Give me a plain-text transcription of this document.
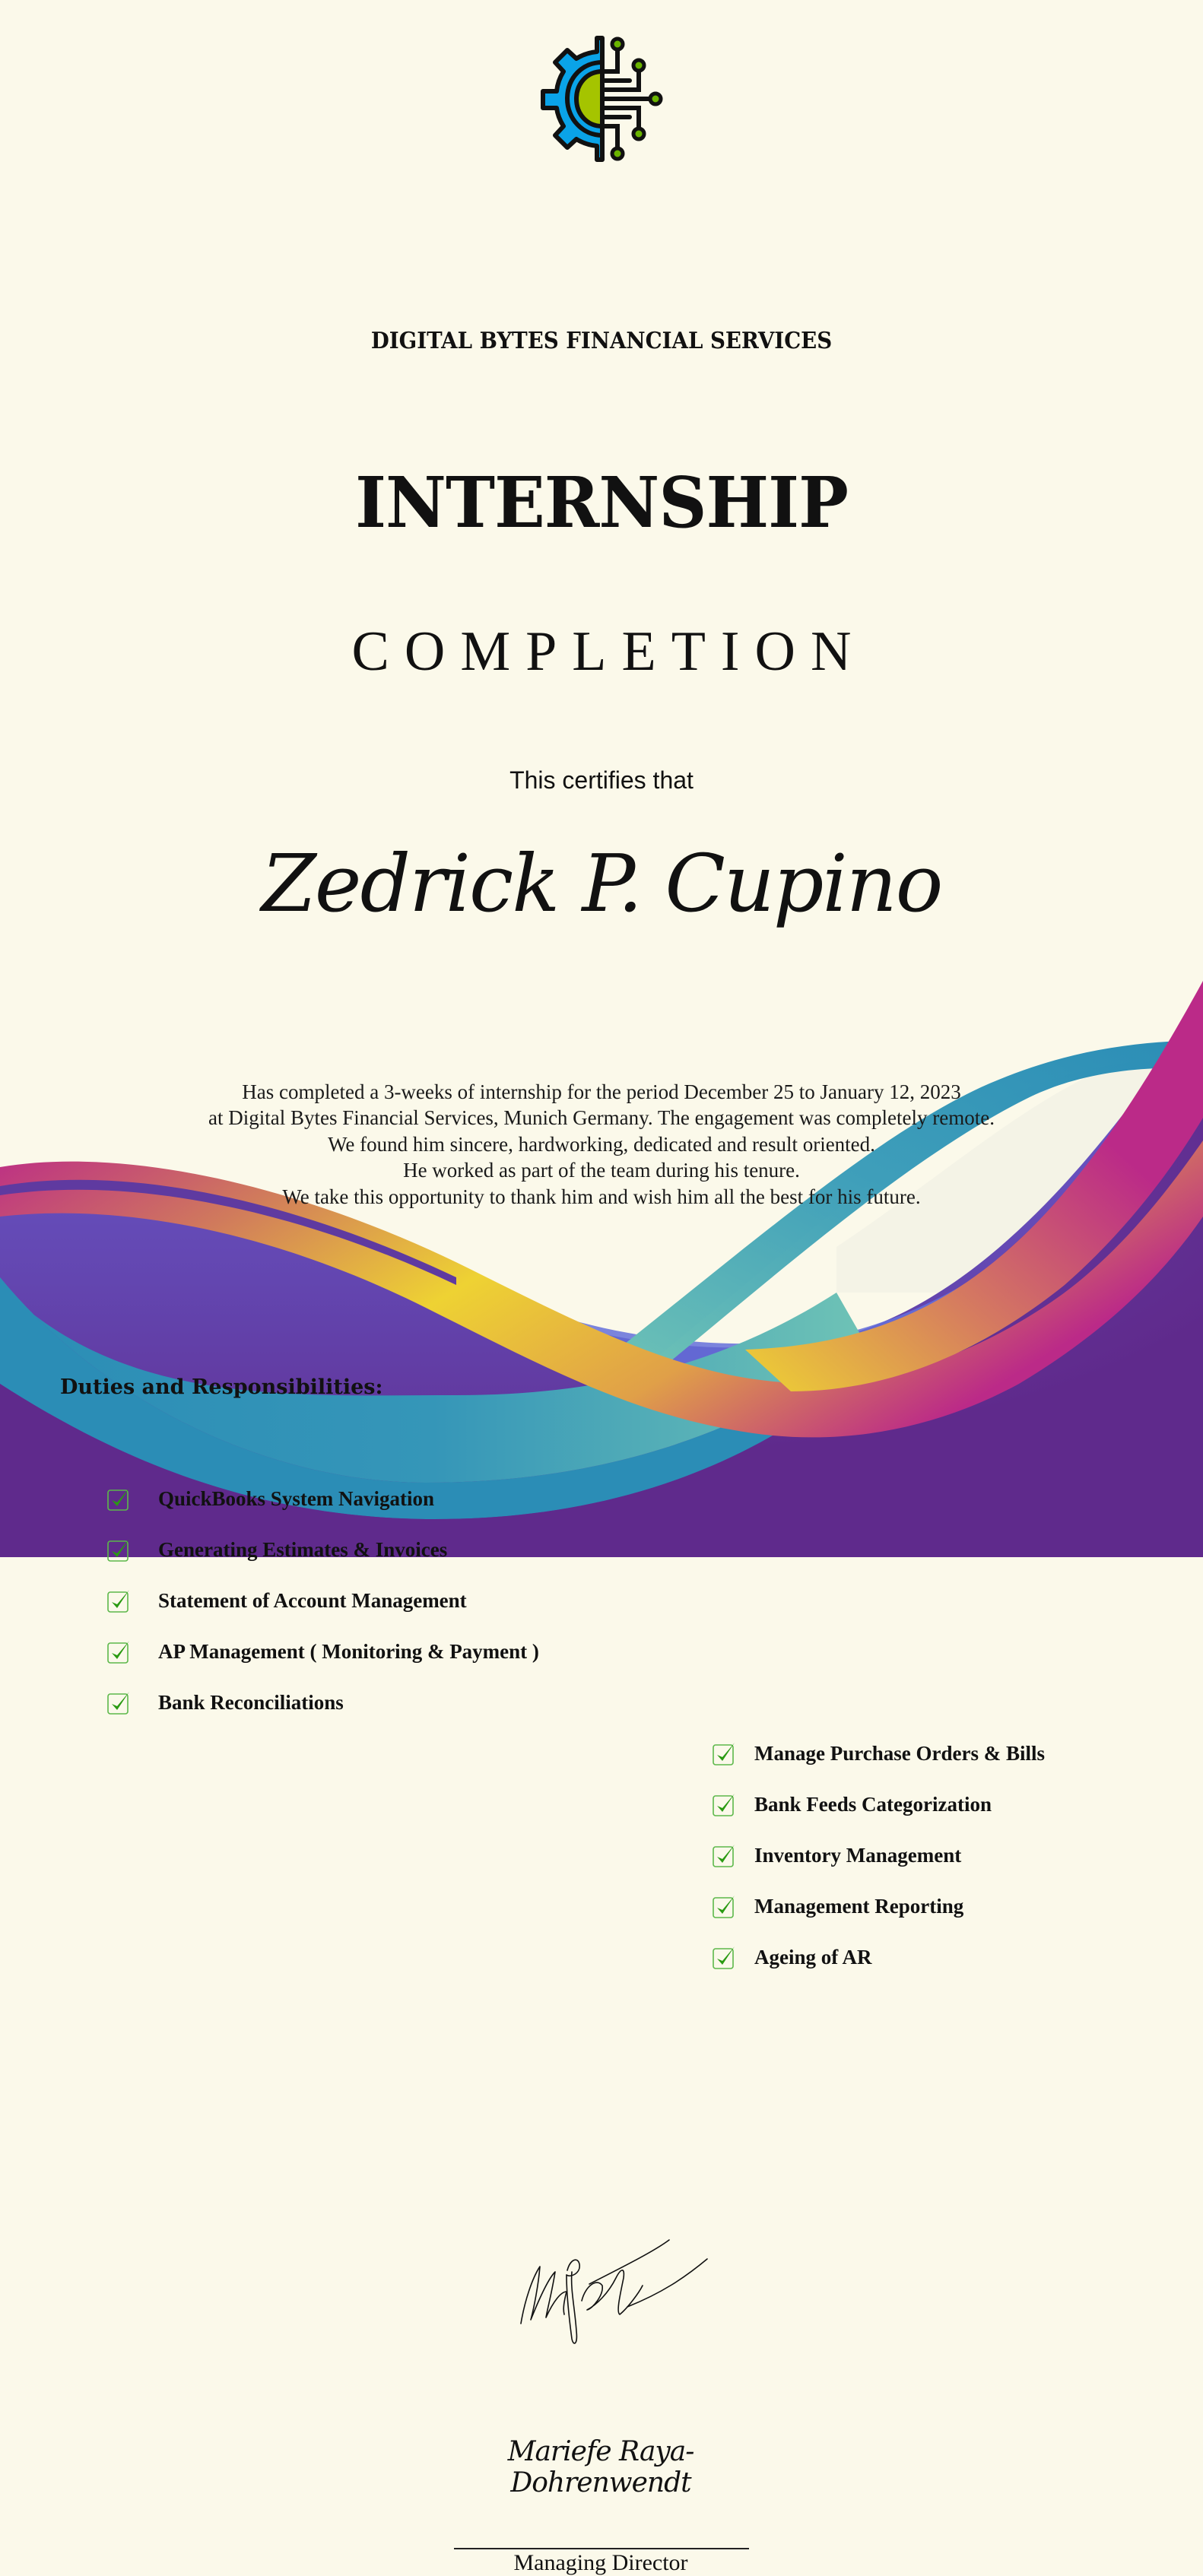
DIGITAL BYTES FINANCIAL SERVICES
INTERNSHIP
COMPLETION
This certifies that
Zedrick P. Cupino
Has completed a 3-weeks of internship for the period December 25 to January 12, 2023
at Digital Bytes Financial Services, Munich Germany. The engagement was completely remote.
We found him sincere, hardworking, dedicated and result oriented.
He worked as part of the team during his tenure.
We take this opportunity to thank him and wish him all the best for his future.
Duties and Responsibilities:
QuickBooks System Navigation
Generating Estimates & Invoices
Statement of Account Management
AP Management ( Monitoring & Payment )
Bank Reconciliations
Manage Purchase Orders & Bills
Bank Feeds Categorization
Inventory Management
Management Reporting
Ageing of AR
Mariefe Raya-Dohrenwendt
Managing Director
